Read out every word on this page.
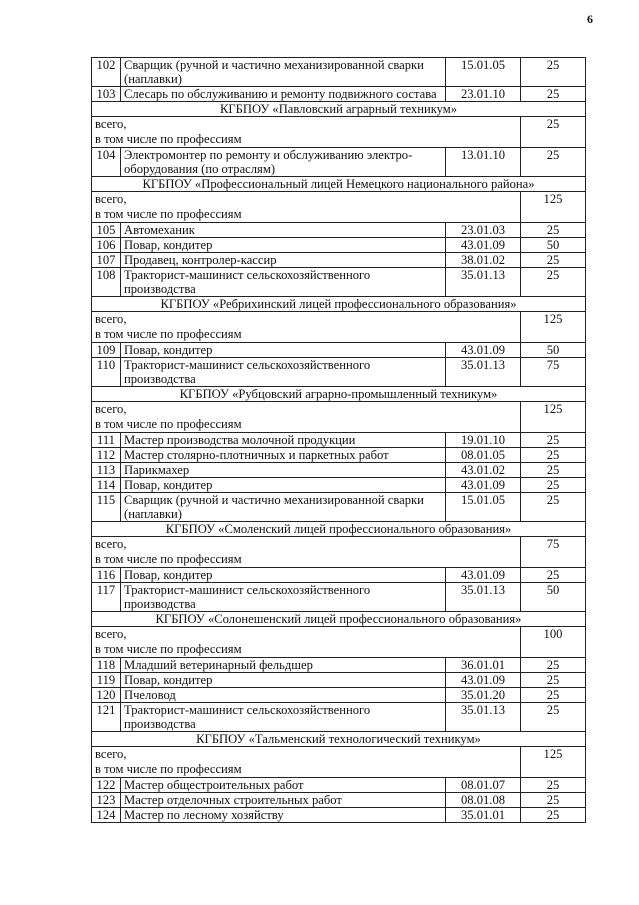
6
102	Сварщик (ручной и частично механизированной сварки (наплавки)	15.01.05	25
103	Слесарь по обслуживанию и ремонту подвижного состава	23.01.10	25
КГБПОУ «Павловский аграрный техникум»			

всего,
в том числе по профессиям			25
104	Электромонтер по ремонту и обслуживанию электро-оборудования (по отраслям)	13.01.10	25
КГБПОУ «Профессиональный лицей Немецкого национального района»			

всего,
в том числе по профессиям			125
105	Автомеханик	23.01.03	25
106	Повар, кондитер	43.01.09	50
107	Продавец, контролер-кассир	38.01.02	25
108	Тракторист-машинист сельскохозяйственного производства	35.01.13	25
КГБПОУ «Ребрихинский лицей профессионального образования»			

всего,
в том числе по профессиям			125
109	Повар, кондитер	43.01.09	50
110	Тракторист-машинист сельскохозяйственного производства	35.01.13	75
КГБПОУ «Рубцовский аграрно-промышленный техникум»			

всего,
в том числе по профессиям			125
111	Мастер производства молочной продукции	19.01.10	25
112	Мастер столярно-плотничных и паркетных работ	08.01.05	25
113	Парикмахер	43.01.02	25
114	Повар, кондитер	43.01.09	25
115	Сварщик (ручной и частично механизированной сварки (наплавки)	15.01.05	25
КГБПОУ «Смоленский лицей профессионального образования»			

всего,
в том числе по профессиям			75
116	Повар, кондитер	43.01.09	25
117	Тракторист-машинист сельскохозяйственного производства	35.01.13	50
КГБПОУ «Солонешенский лицей профессионального образования»			

всего,
в том числе по профессиям			100
118	Младший ветеринарный фельдшер	36.01.01	25
119	Повар, кондитер	43.01.09	25
120	Пчеловод	35.01.20	25
121	Тракторист-машинист сельскохозяйственного производства	35.01.13	25
КГБПОУ «Тальменский технологический техникум»			

всего,
в том числе по профессиям			125
122	Мастер общестроительных работ	08.01.07	25
123	Мастер отделочных строительных работ	08.01.08	25
124	Мастер по лесному хозяйству	35.01.01	25
